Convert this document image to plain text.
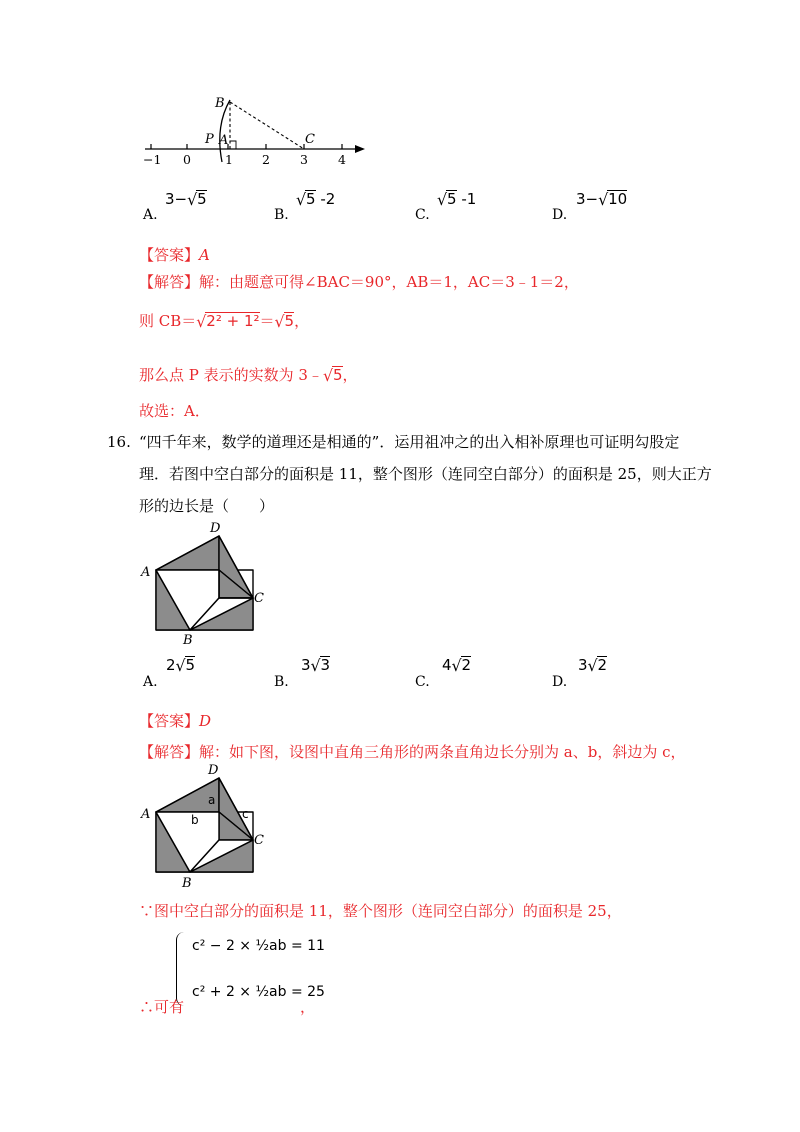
B
P A	C
−1 0	1 2 3 4
A.
3− √ 5
B.
√ 5 -2
C.
√ 5 -1
D.
3− √ 10
【答案】A
【解答】解：由题意可得∠BAC＝90°，AB＝1，AC＝3﹣1＝2，
则 CB＝ √ 2² + 1²＝ √ 5，
那么点 P 表示的实数为 3﹣ √ 5，
故选：A．
16. “四千年来，数学的道理还是相通的”．运用祖冲之的出入相补原理也可证明勾股定
理．若图中空白部分的面积是 11，整个图形（连同空白部分）的面积是 25，则大正方
形的边长是（　　）
D
A
C
B
A.
2 √ 5
B.
3 √ 3
C.
4 √ 2
D.
3 √ 2
【答案】D
【解答】解：如下图，设图中直角三角形的两条直角边长分别为 a、b，斜边为 c，
D
A
C
B
a
b	c
∵图中空白部分的面积是 11，整个图形（连同空白部分）的面积是 25，
c² − 2 × ½ab = 11
c² + 2 × ½ab = 25
∴可有	，
